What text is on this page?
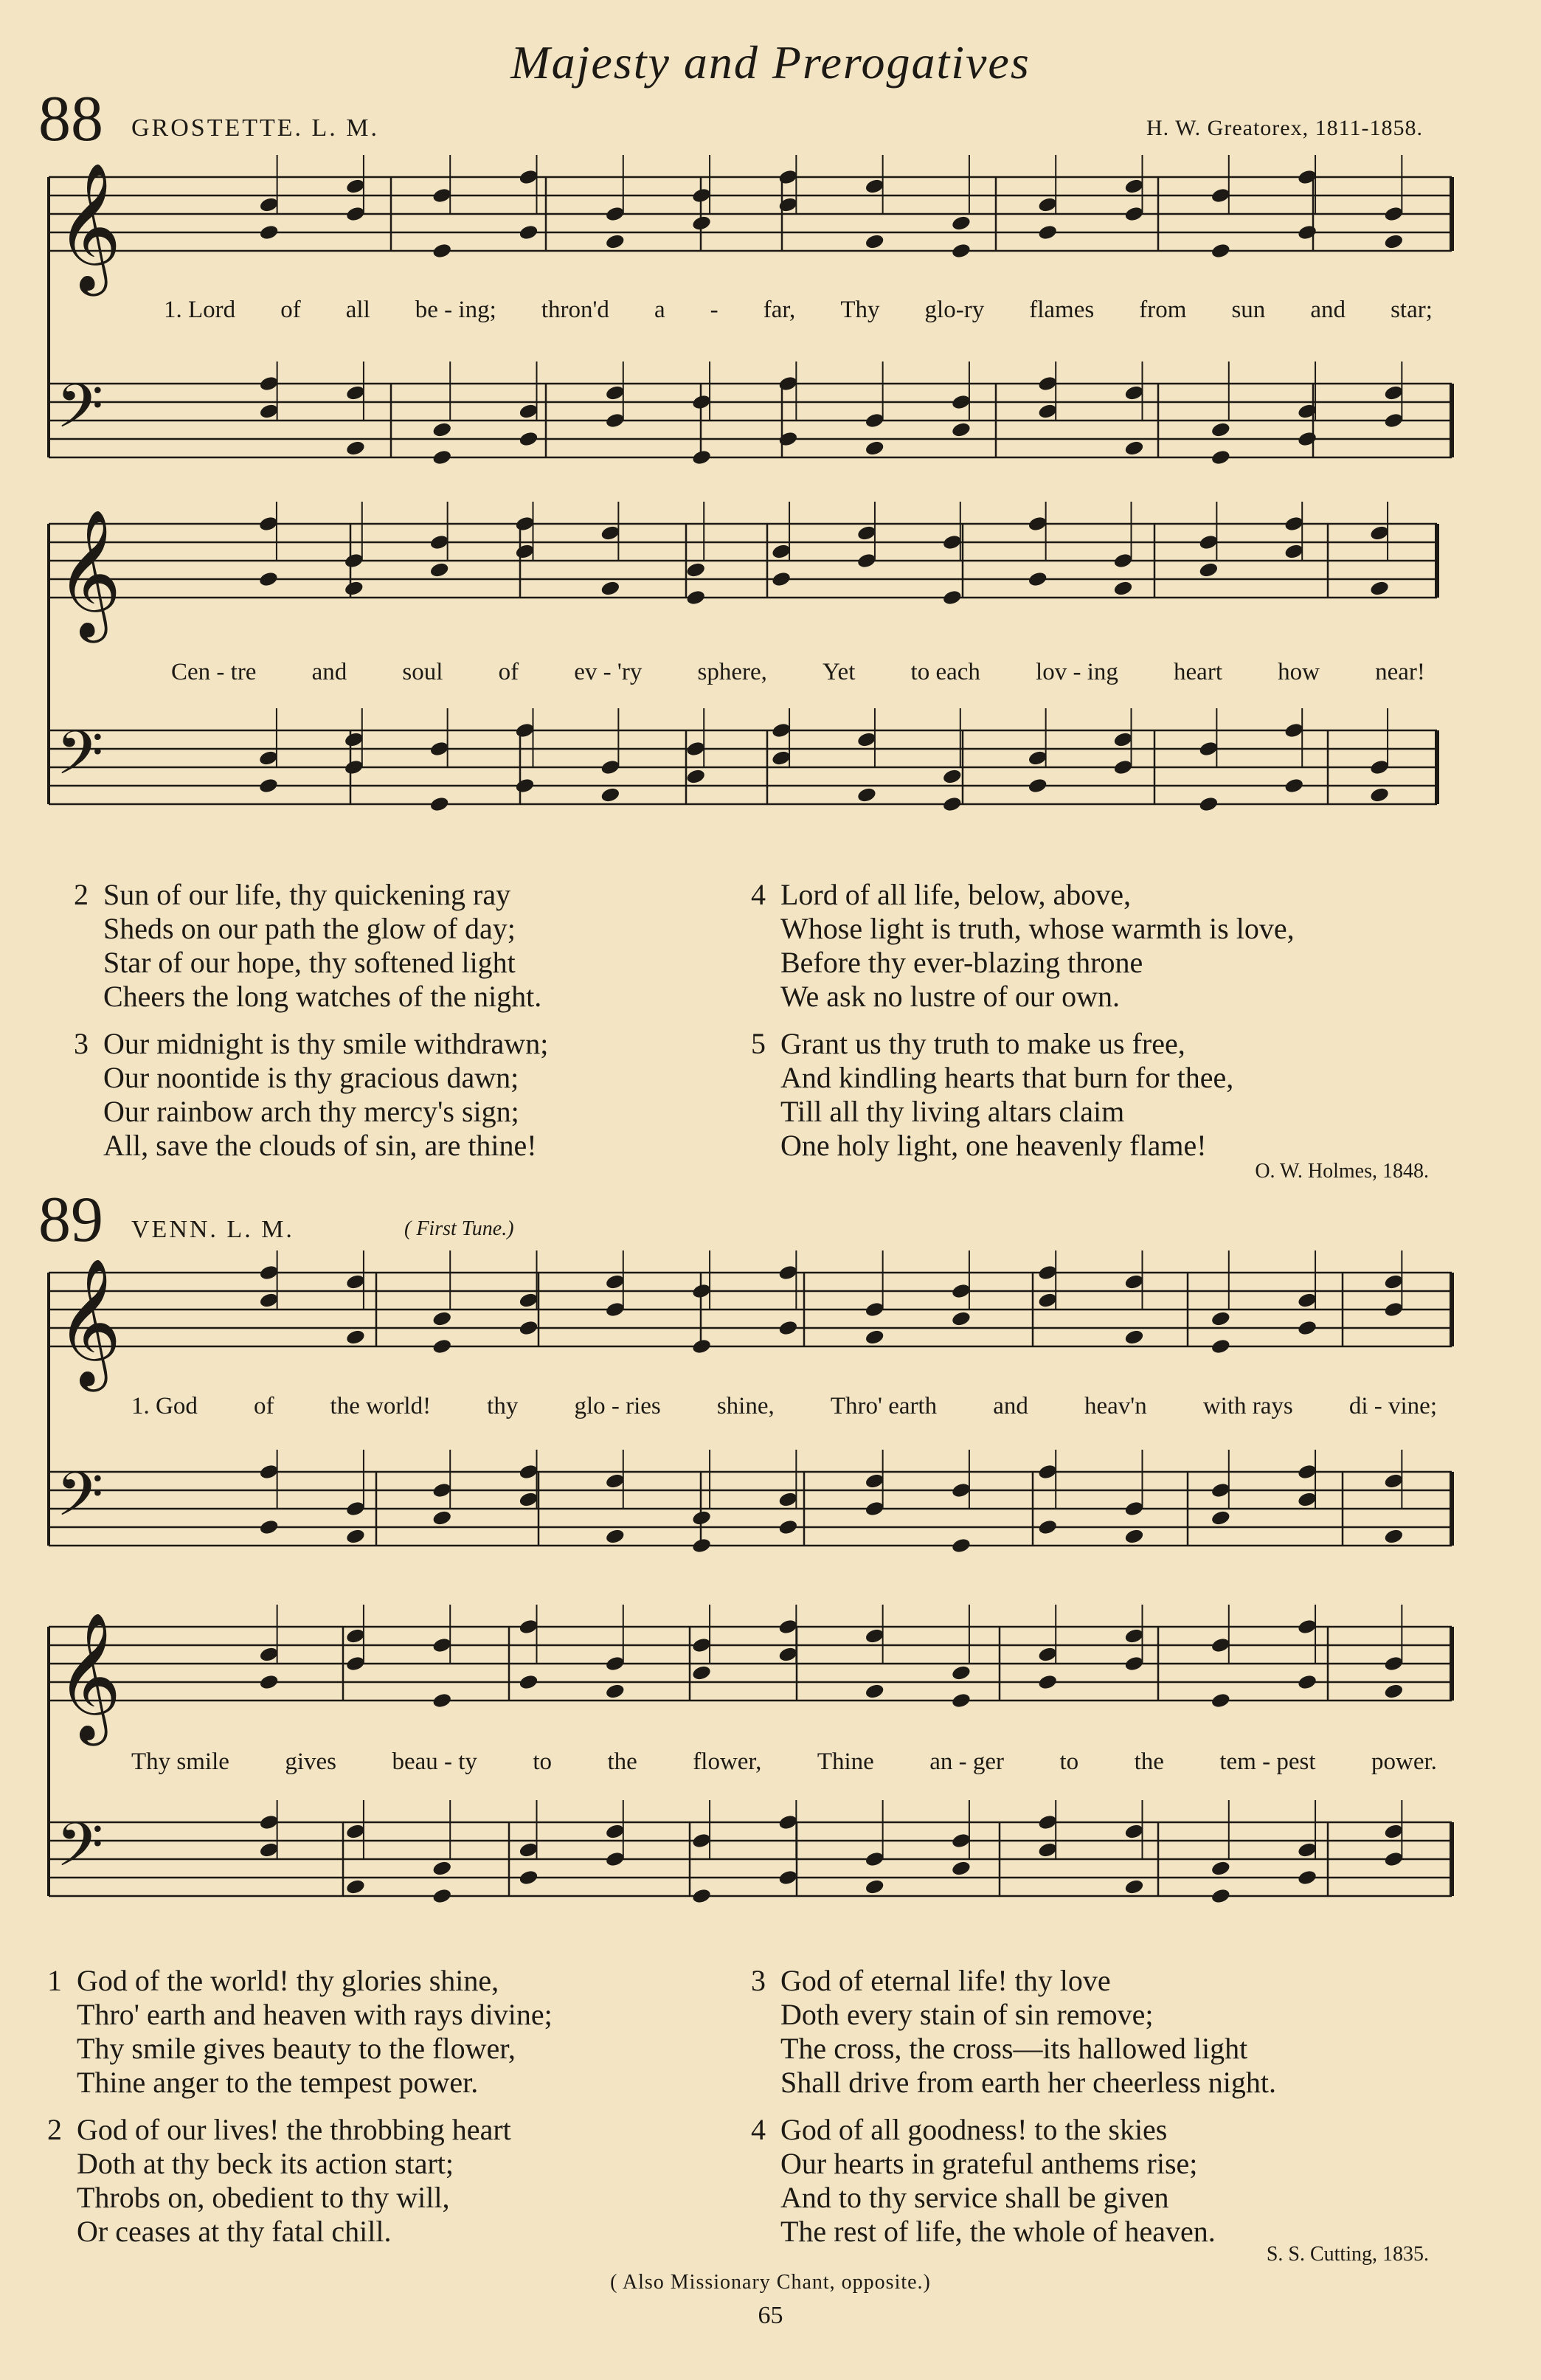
Majesty and Prerogatives
88 GROSTETTE. L. M.	H. W. Greatorex, 1811-1858.
𝄞
𝄢
𝄞
𝄢
𝄞
𝄢
𝄞
𝄢
1. Lord of all be - ing; thron'd a - far, Thy glo-ry flames from sun and star;
Cen - tre and soul of ev - 'ry sphere, Yet to each lov - ing heart how near!
2 Sun of our life, thy quickening ray
Sheds on our path the glow of day;
Star of our hope, thy softened light
Cheers the long watches of the night.
3 Our midnight is thy smile withdrawn;
Our noontide is thy gracious dawn;
Our rainbow arch thy mercy's sign;
All, save the clouds of sin, are thine!
4 Lord of all life, below, above,
Whose light is truth, whose warmth is love,
Before thy ever-blazing throne
We ask no lustre of our own.
5 Grant us thy truth to make us free,
And kindling hearts that burn for thee,
Till all thy living altars claim
One holy light, one heavenly flame!
O. W. Holmes, 1848.
89 VENN. L. M.	( First Tune.)
1. God of the world! thy glo - ries shine, Thro' earth and heav'n with rays di - vine;
Thy smile gives beau - ty to the flower, Thine an - ger to the tem - pest power.
1 God of the world! thy glories shine,
Thro' earth and heaven with rays divine;
Thy smile gives beauty to the flower,
Thine anger to the tempest power.
2 God of our lives! the throbbing heart
Doth at thy beck its action start;
Throbs on, obedient to thy will,
Or ceases at thy fatal chill.
3 God of eternal life! thy love
Doth every stain of sin remove;
The cross, the cross—its hallowed light
Shall drive from earth her cheerless night.
4 God of all goodness! to the skies
Our hearts in grateful anthems rise;
And to thy service shall be given
The rest of life, the whole of heaven.
S. S. Cutting, 1835.
( Also Missionary Chant, opposite.)
65
